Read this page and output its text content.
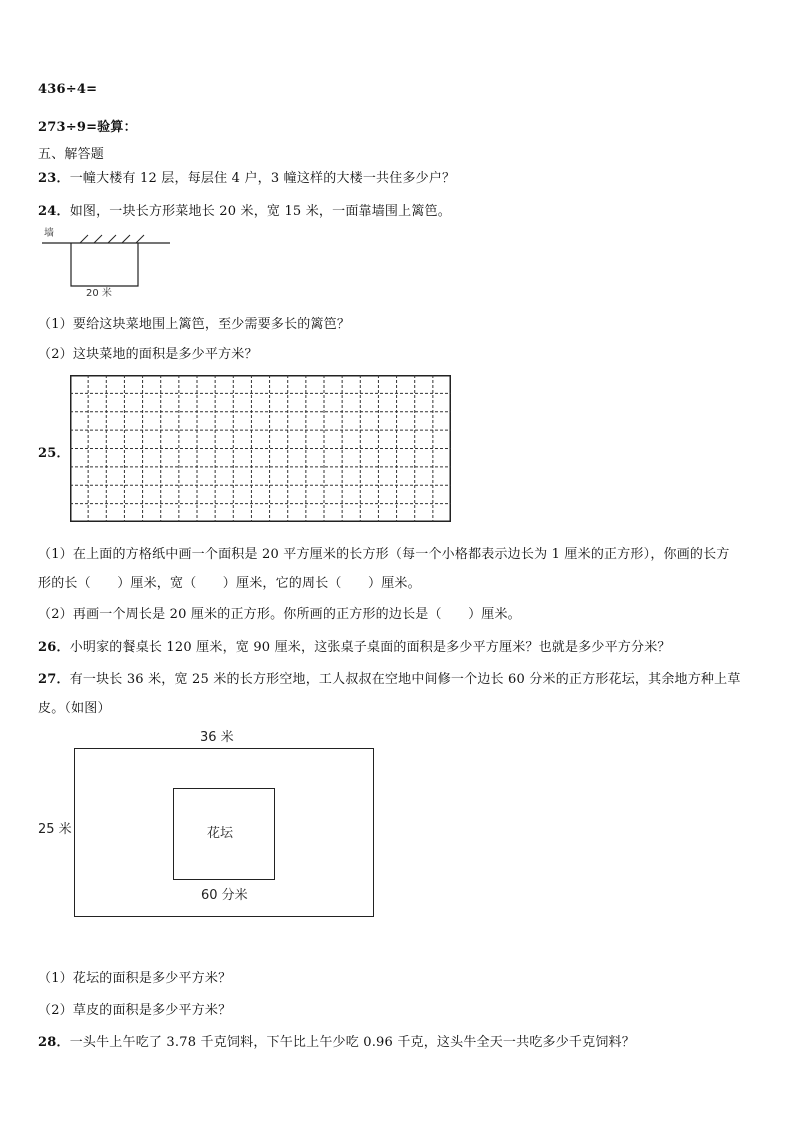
436÷4=
273÷9=验算：
五、解答题
23．一幢大楼有 12 层，每层住 4 户，3 幢这样的大楼一共住多少户？
24．如图，一块长方形菜地长 20 米，宽 15 米，一面靠墙围上篱笆。
墙
20 米
（1）要给这块菜地围上篱笆，至少需要多长的篱笆？
（2）这块菜地的面积是多少平方米？
25．
（1）在上面的方格纸中画一个面积是 20 平方厘米的长方形（每一个小格都表示边长为 1 厘米的正方形），你画的长方
形的长（　　）厘米，宽（　　）厘米，它的周长（　　）厘米。
（2）再画一个周长是 20 厘米的正方形。你所画的正方形的边长是（　　）厘米。
26．小明家的餐桌长 120 厘米，宽 90 厘米，这张桌子桌面的面积是多少平方厘米？也就是多少平方分米？
27．有一块长 36 米，宽 25 米的长方形空地，工人叔叔在空地中间修一个边长 60 分米的正方形花坛，其余地方种上草
皮。（如图）
36 米
25 米	花坛
60 分米
（1）花坛的面积是多少平方米？
（2）草皮的面积是多少平方米？
28．一头牛上午吃了 3.78 千克饲料，下午比上午少吃 0.96 千克，这头牛全天一共吃多少千克饲料？
